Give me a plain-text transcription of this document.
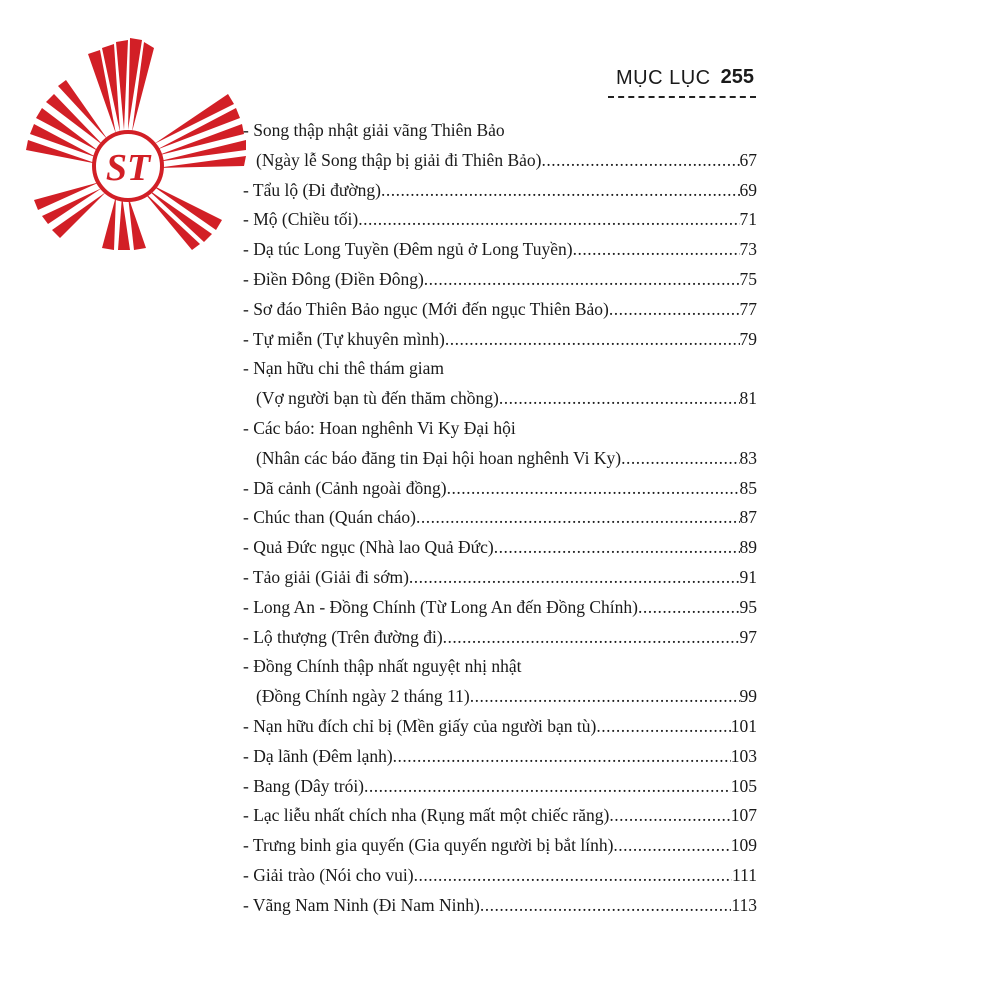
ST
MỤC LỤC 255
- Song thập nhật giải vãng Thiên Bảo
(Ngày lễ Song thập bị giải đi Thiên Bảo) .....	67
- Tẩu lộ (Đi đường) .....	69
- Mộ (Chiều tối) .....	71
- Dạ túc Long Tuyền (Đêm ngủ ở Long Tuyền) .....	73
- Điền Đông (Điền Đông) .....	75
- Sơ đáo Thiên Bảo ngục (Mới đến ngục Thiên Bảo) .....	77
- Tự miễn (Tự khuyên mình) .....	79
- Nạn hữu chi thê thám giam
(Vợ người bạn tù đến thăm chồng) .....	81
- Các báo: Hoan nghênh Vi Ky Đại hội
(Nhân các báo đăng tin Đại hội hoan nghênh Vi Ky) .....	83
- Dã cảnh (Cảnh ngoài đồng) .....	85
- Chúc than (Quán cháo) .....	87
- Quả Đức ngục (Nhà lao Quả Đức) .....	89
- Tảo giải (Giải đi sớm) .....	91
- Long An - Đồng Chính (Từ Long An đến Đồng Chính) .....	95
- Lộ thượng (Trên đường đi) .....	97
- Đồng Chính thập nhất nguyệt nhị nhật
(Đồng Chính ngày 2 tháng 11) .....	99
- Nạn hữu đích chỉ bị (Mền giấy của người bạn tù) .....	101
- Dạ lãnh (Đêm lạnh) .....	103
- Bang (Dây trói) .....	105
- Lạc liễu nhất chích nha (Rụng mất một chiếc răng) .....	107
- Trưng binh gia quyến (Gia quyến người bị bắt lính) .....	109
- Giải trào (Nói cho vui) .....	111
- Vãng Nam Ninh (Đi Nam Ninh) .....	113
